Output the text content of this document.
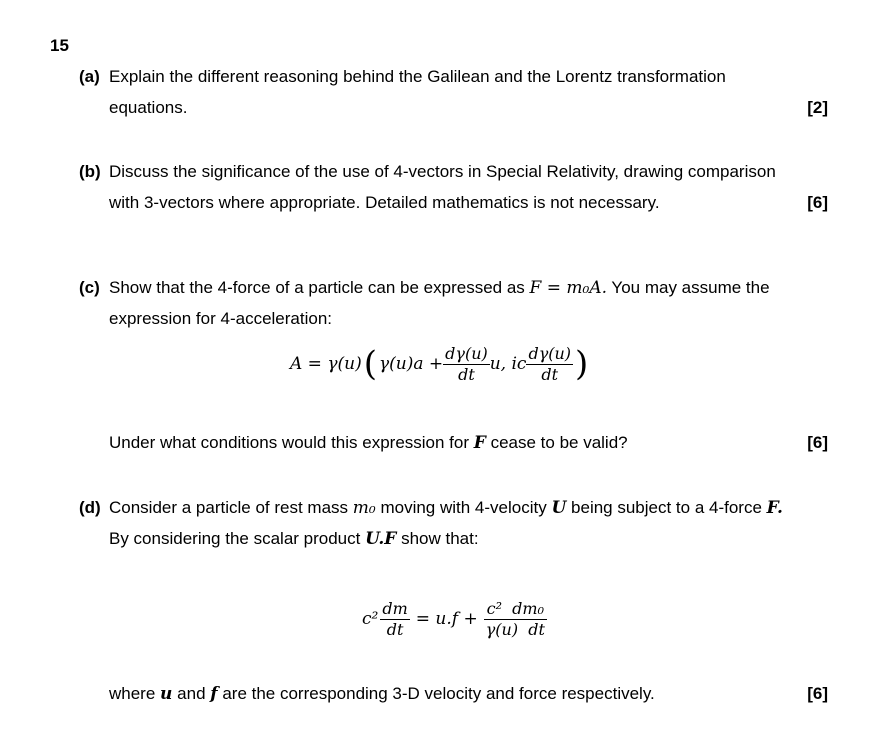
15
(a) Explain the different reasoning behind the Galilean and the Lorentz transformation
equations.	[2]
(b) Discuss the significance of the use of 4-vectors in Special Relativity, drawing comparison
with 3-vectors where appropriate. Detailed mathematics is not necessary.	[6]
(c) Show that the 4-force of a particle can be expressed as F = m₀A. You may assume the
expression for 4-acceleration:
A = γ(u) ( $\gamma(u)a + \frac{d\gamma(u)}{dt} u$, ic $\frac{d\gamma(u)}{dt}$ )
Under what conditions would this expression for F cease to be valid?	[6]
(d) Consider a particle of rest mass m₀ moving with 4-velocity U being subject to a 4-force F.
By considering the scalar product U.F show that:
$c^2 \frac{dm}{dt} = u.f + \frac{\text{c²  dm₀}}{\gamma(u) dt}$
where u and f are the corresponding 3-D velocity and force respectively.	[6]
